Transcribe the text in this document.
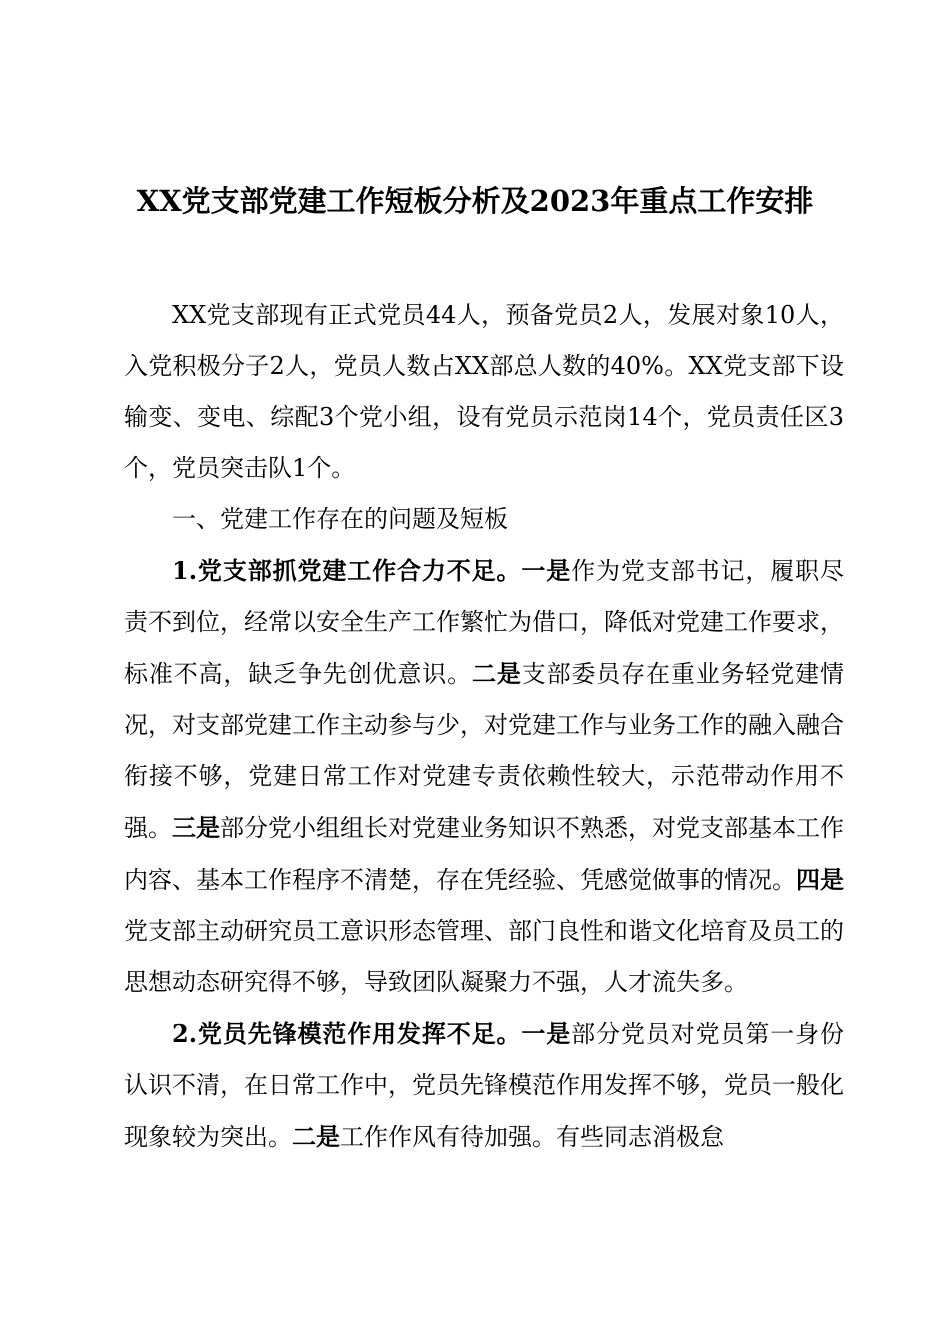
XX党支部党建工作短板分析及2023年重点工作安排

XX党支部现有正式党员44人，预备党员2人，发展对象10人，入党积极分子2人，党员人数占XX部总人数的40%。XX党支部下设输变、变电、综配3个党小组，设有党员示范岗14个，党员责任区3个，党员突击队1个。

一、党建工作存在的问题及短板

1.党支部抓党建工作合力不足。一是作为党支部书记，履职尽责不到位，经常以安全生产工作繁忙为借口，降低对党建工作要求，标准不高，缺乏争先创优意识。二是支部委员存在重业务轻党建情况，对支部党建工作主动参与少，对党建工作与业务工作的融入融合衔接不够，党建日常工作对党建专责依赖性较大，示范带动作用不强。三是部分党小组组长对党建业务知识不熟悉，对党支部基本工作内容、基本工作程序不清楚，存在凭经验、凭感觉做事的情况。四是党支部主动研究员工意识形态管理、部门良性和谐文化培育及员工的思想动态研究得不够，导致团队凝聚力不强，人才流失多。

2.党员先锋模范作用发挥不足。一是部分党员对党员第一身份认识不清，在日常工作中，党员先锋模范作用发挥不够，党员一般化现象较为突出。二是工作作风有待加强。有些同志消极怠
